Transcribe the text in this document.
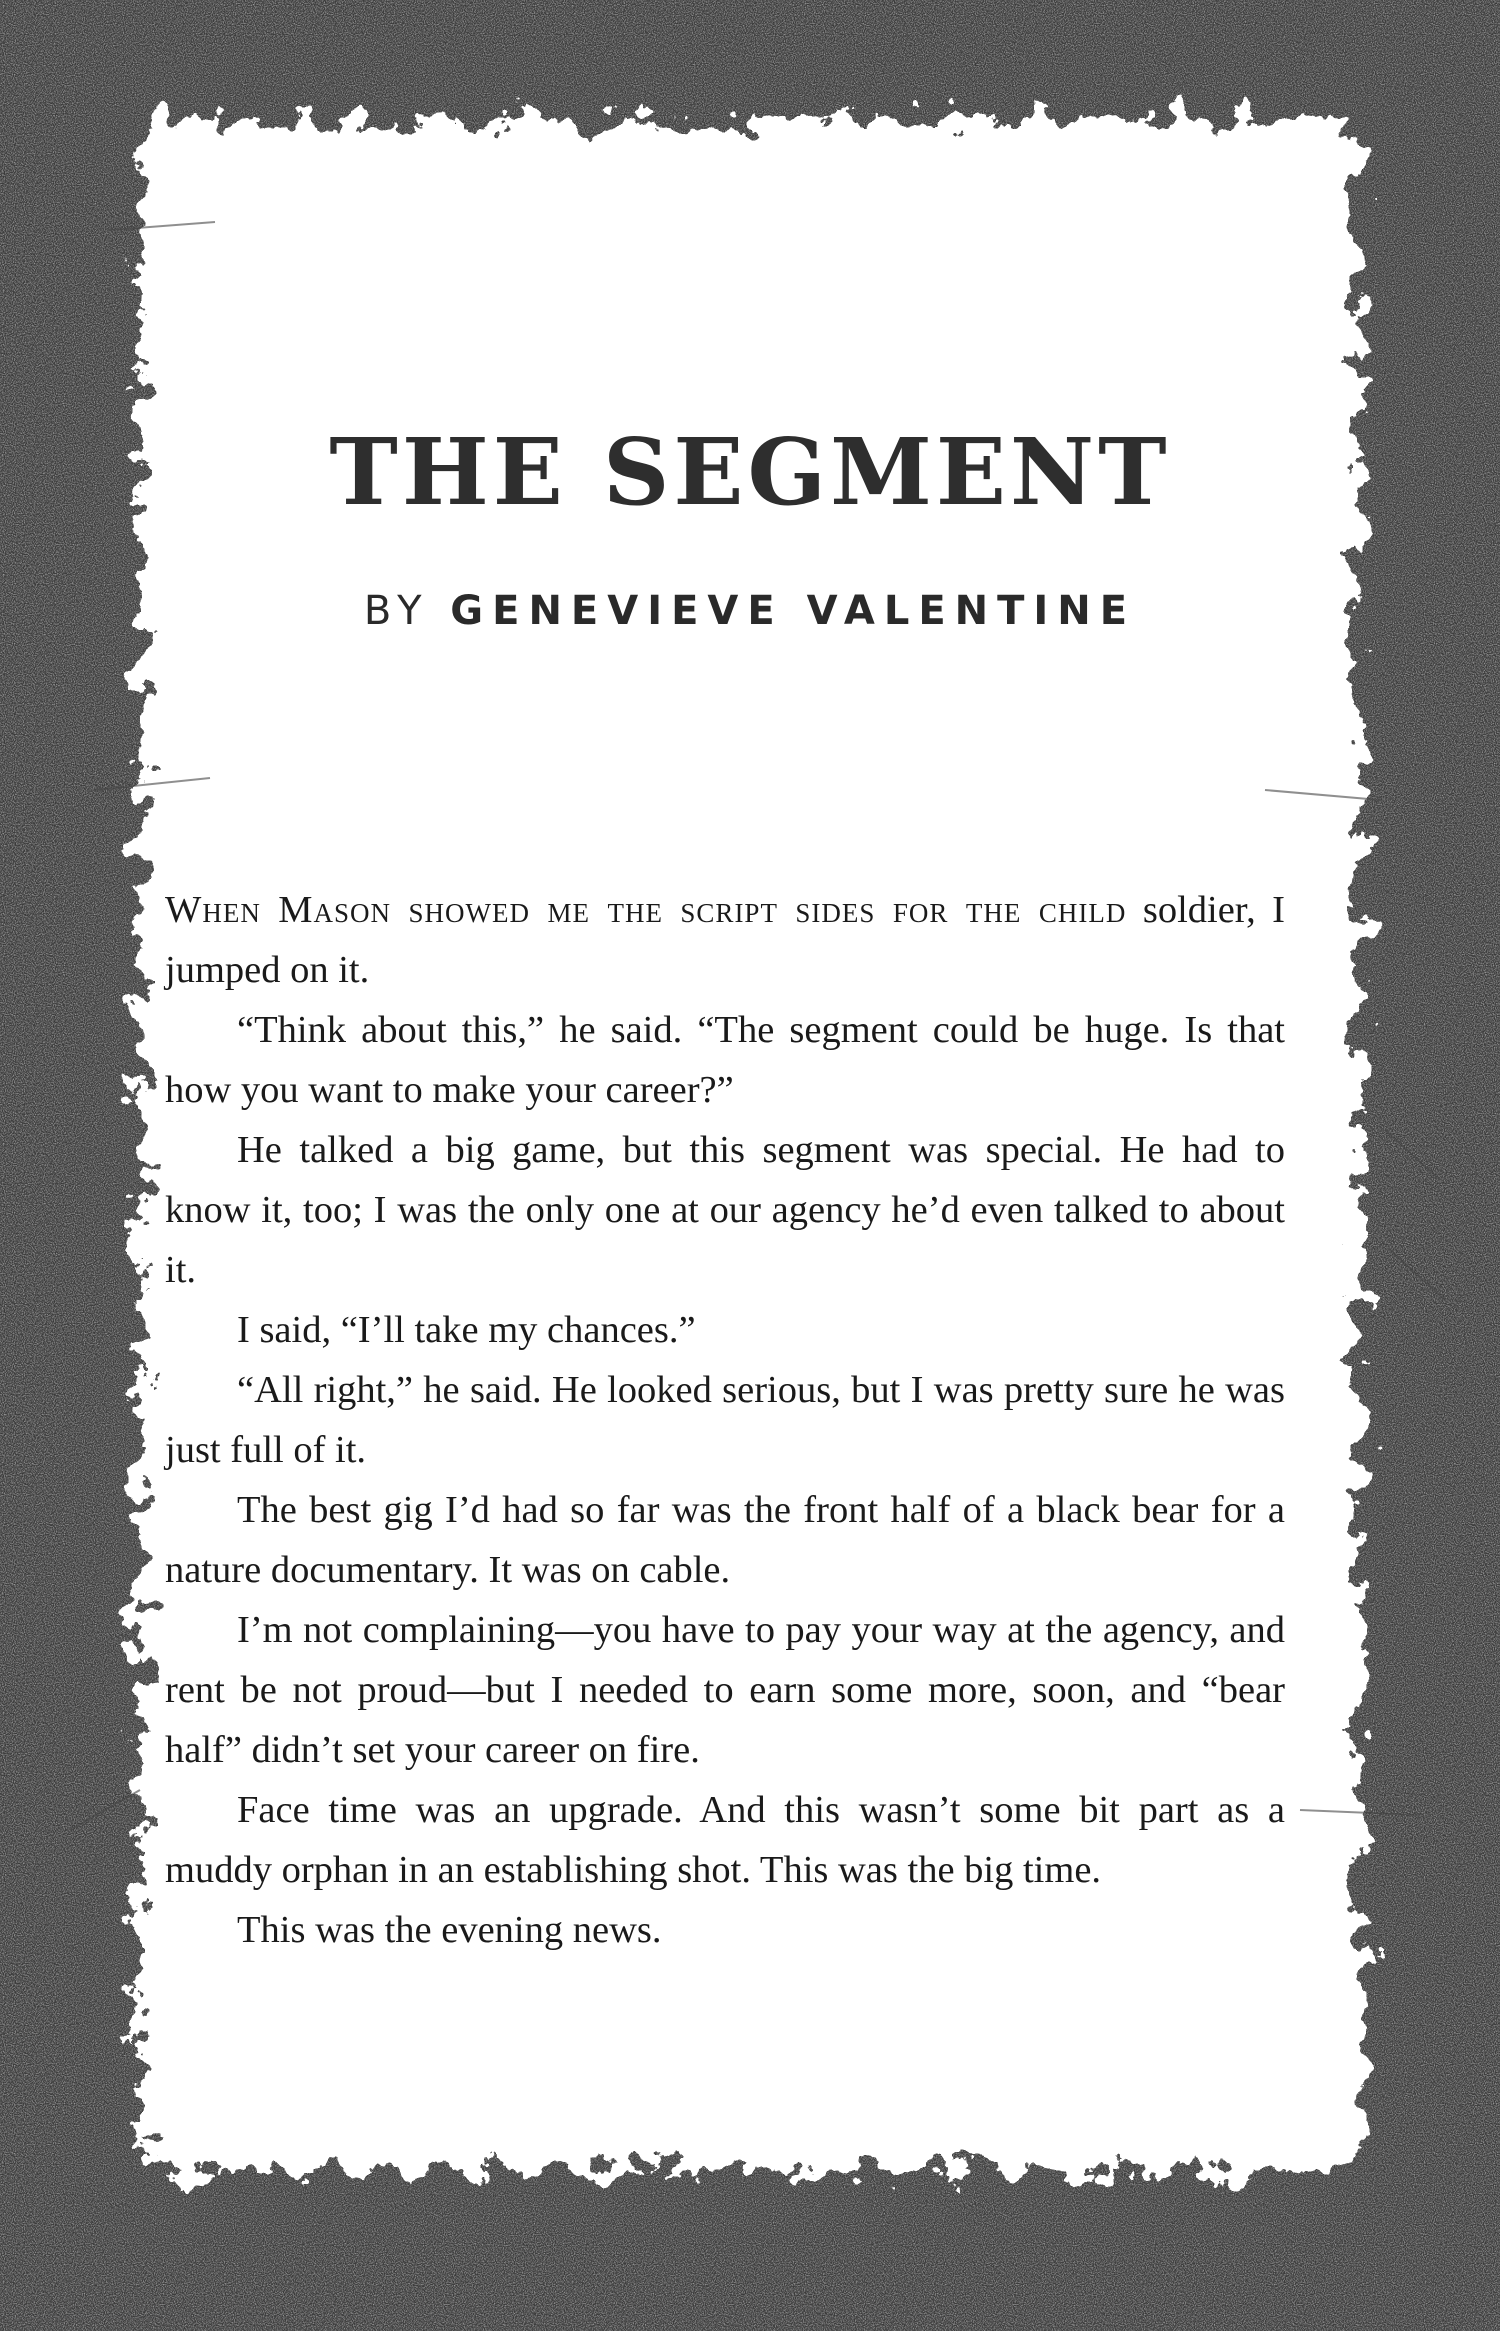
THE SEGMENT
BY GENEVIEVE VALENTINE

When Mason showed me the script sides for the child soldier, I jumped on it.

“Think about this,” he said. “The segment could be huge. Is that how you want to make your career?”

He talked a big game, but this segment was special. He had to know it, too; I was the only one at our agency he’d even talked to about it.

I said, “I’ll take my chances.”

“All right,” he said. He looked serious, but I was pretty sure he was just full of it.

The best gig I’d had so far was the front half of a black bear for a nature documentary. It was on cable.

I’m not complaining—you have to pay your way at the agency, and rent be not proud—but I needed to earn some more, soon, and “bear half” didn’t set your career on fire.

Face time was an upgrade. And this wasn’t some bit part as a muddy orphan in an establishing shot. This was the big time.

This was the evening news.
